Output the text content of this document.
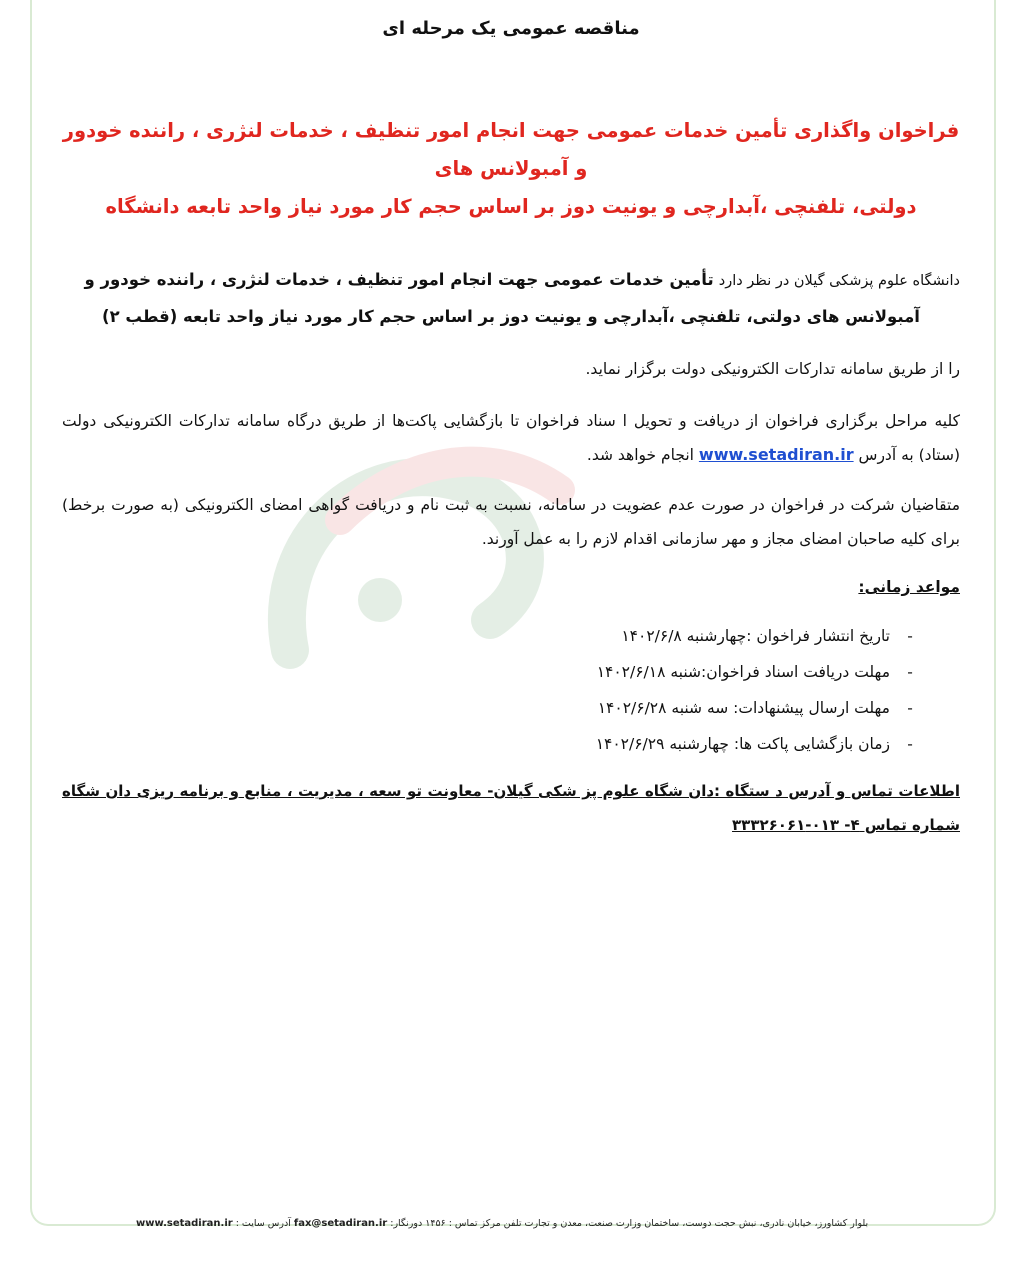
مناقصه عمومی یک مرحله ای
فراخوان واگذاری تأمین خدمات عمومی جهت انجام امور تنظیف ، خدمات لنژری ، راننده خودور و آمبولانس های
دولتی، تلفنچی ،آبدارچی و یونیت دوز بر اساس حجم کار مورد نیاز واحد تابعه دانشگاه
دانشگاه علوم پزشکی گیلان در نظر دارد تأمین خدمات عمومی جهت انجام امور تنظیف ، خدمات لنژری ، راننده خودور و
آمبولانس های دولتی، تلفنچی ،آبدارچی و یونیت دوز بر اساس حجم کار مورد نیاز واحد تابعه (قطب ۲)
را از طریق سامانه تدارکات الکترونیکی دولت برگزار نماید.
کلیه مراحل برگزاری فراخوان از دریافت و تحویل ا سناد فراخوان تا بازگشایی پاکت‌ها از طریق درگاه سامانه تدارکات الکترونیکی دولت (ستاد) به آدرس www.setadiran.ir انجام خواهد شد.
متقاضیان شرکت در فراخوان در صورت عدم عضویت در سامانه، نسبت به ثبت نام و دریافت گواهی امضای الکترونیکی (به صورت برخط) برای کلیه صاحبان امضای مجاز و مهر سازمانی اقدام لازم را به عمل آورند.
مواعد زمانی:
-تاریخ انتشار فراخوان :چهارشنبه ۱۴۰۲/۶/۸
-مهلت دریافت اسناد فراخوان:شنبه ۱۴۰۲/۶/۱۸
-مهلت ارسال پیشنهادات: سه شنبه ۱۴۰۲/۶/۲۸
-زمان بازگشایی پاکت ها: چهارشنبه ۱۴۰۲/۶/۲۹
اطلاعات تماس و آدرس د ستگاه :دان شگاه علوم پز شکی گیلان- معاونت تو سعه ، مدیریت ، منابع و برنامه ریزی دان شگاه شماره تماس ۴- ۰۱۳-۳۳۳۲۶۰۶۱
بلوار کشاورز، خیابان نادری، نبش حجت دوست، ساختمان وزارت صنعت، معدن و تجارت تلفن مرکز تماس : ۱۴۵۶ دورنگار: fax@setadiran.ir آدرس سایت : www.setadiran.ir
